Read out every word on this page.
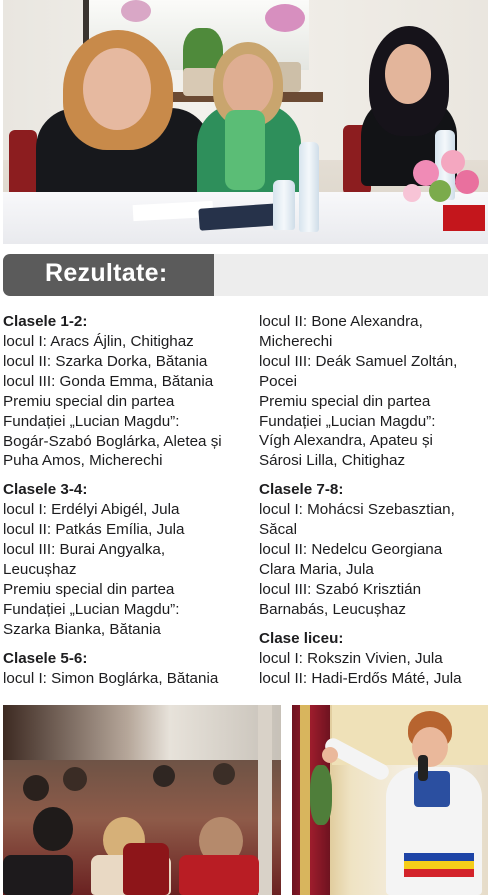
Rezultate:
Clasele 1-2:

locul I: Aracs Ájlin, Chitighaz

locul II: Szarka Dorka, Bătania

locul III: Gonda Emma, Bătania

Premiu special din partea

Fundației „Lucian Magdu”:

Bogár-Szabó Boglárka, Aletea și

Puha Amos, Micherechi

Clasele 3-4:

locul I: Erdélyi Abigél, Jula

locul II: Patkás Emília, Jula

locul III: Burai Angyalka,

Leucușhaz

Premiu special din partea

Fundației „Lucian Magdu”:

Szarka Bianka, Bătania

Clasele 5-6:

locul I: Simon Boglárka, Bătania

locul II: Bone Alexandra,

Micherechi

locul III: Deák Samuel Zoltán,

Pocei

Premiu special din partea

Fundației „Lucian Magdu”:

Vígh Alexandra, Apateu și

Sárosi Lilla, Chitighaz

Clasele 7-8:

locul I: Mohácsi Szebasztian,

Săcal

locul II: Nedelcu Georgiana

Clara Maria, Jula

locul III: Szabó Krisztián

Barnabás, Leucușhaz

Clase liceu:

locul I: Rokszin Vivien, Jula

locul II: Hadi-Erdős Máté, Jula
